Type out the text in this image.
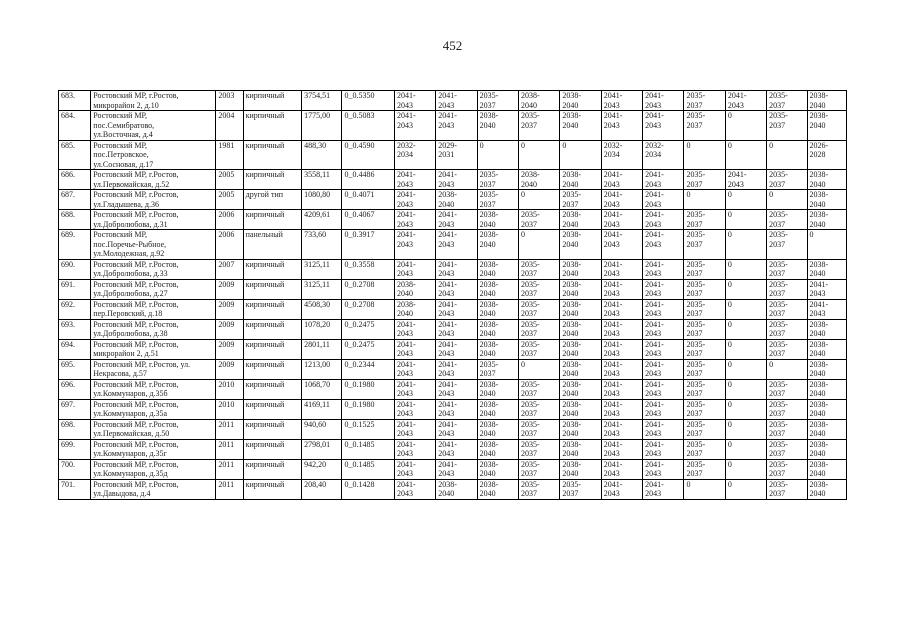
452
683.	Ростовский МР, г.Ростов,
микрорайон 2, д.10	2003	кирпичный	3754,51	0_0.5350	2041-
2043	2041-
2043	2035-
2037	2038-
2040	2038-
2040	2041-
2043	2041-
2043	2035-
2037	2041-
2043	2035-
2037	2038-
2040
684.	Ростовский МР,
пос.Семибратово,
ул.Восточная, д.4	2004	кирпичный	1775,00	0_0.5083	2041-
2043	2041-
2043	2038-
2040	2035-
2037	2038-
2040	2041-
2043	2041-
2043	2035-
2037	0	2035-
2037	2038-
2040
685.	Ростовский МР,
пос.Петровское,
ул.Сосновая, д.17	1981	кирпичный	488,30	0_0.4590	2032-
2034	2029-
2031	0	0	0	2032-
2034	2032-
2034	0	0	0	2026-
2028
686.	Ростовский МР, г.Ростов,
ул.Первомайская, д.52	2005	кирпичный	3558,11	0_0.4486	2041-
2043	2041-
2043	2035-
2037	2038-
2040	2038-
2040	2041-
2043	2041-
2043	2035-
2037	2041-
2043	2035-
2037	2038-
2040
687.	Ростовский МР, г.Ростов,
ул.Гладышева, д.36	2005	другой тип	1080,80	0_0.4071	2041-
2043	2038-
2040	2035-
2037	0	2035-
2037	2041-
2043	2041-
2043	0	0	0	2038-
2040
688.	Ростовский МР, г.Ростов,
ул.Добролюбова, д.31	2006	кирпичный	4209,61	0_0.4067	2041-
2043	2041-
2043	2038-
2040	2035-
2037	2038-
2040	2041-
2043	2041-
2043	2035-
2037	0	2035-
2037	2038-
2040
689.	Ростовский МР,
пос.Поречье-Рыбное,
ул.Молодежная, д.92	2006	панельный	733,60	0_0.3917	2041-
2043	2041-
2043	2038-
2040	0	2038-
2040	2041-
2043	2041-
2043	2035-
2037	0	2035-
2037	0
690.	Ростовский МР, г.Ростов,
ул.Добролюбова, д.33	2007	кирпичный	3125,11	0_0.3558	2041-
2043	2041-
2043	2038-
2040	2035-
2037	2038-
2040	2041-
2043	2041-
2043	2035-
2037	0	2035-
2037	2038-
2040
691.	Ростовский МР, г.Ростов,
ул.Добролюбова, д.27	2009	кирпичный	3125,11	0_0.2708	2038-
2040	2041-
2043	2038-
2040	2035-
2037	2038-
2040	2041-
2043	2041-
2043	2035-
2037	0	2035-
2037	2041-
2043
692.	Ростовский МР, г.Ростов,
пер.Перовский, д.18	2009	кирпичный	4508,30	0_0.2708	2038-
2040	2041-
2043	2038-
2040	2035-
2037	2038-
2040	2041-
2043	2041-
2043	2035-
2037	0	2035-
2037	2041-
2043
693.	Ростовский МР, г.Ростов,
ул.Добролюбова, д.38	2009	кирпичный	1078,20	0_0.2475	2041-
2043	2041-
2043	2038-
2040	2035-
2037	2038-
2040	2041-
2043	2041-
2043	2035-
2037	0	2035-
2037	2038-
2040
694.	Ростовский МР, г.Ростов,
микрорайон 2, д.51	2009	кирпичный	2801,11	0_0.2475	2041-
2043	2041-
2043	2038-
2040	2035-
2037	2038-
2040	2041-
2043	2041-
2043	2035-
2037	0	2035-
2037	2038-
2040
695.	Ростовский МР, г.Ростов, ул.
Некрасова, д.57	2009	кирпичный	1213,00	0_0.2344	2041-
2043	2041-
2043	2035-
2037	0	2038-
2040	2041-
2043	2041-
2043	2035-
2037	0	0	2038-
2040
696.	Ростовский МР, г.Ростов,
ул.Коммунаров, д.35б	2010	кирпичный	1068,70	0_0.1980	2041-
2043	2041-
2043	2038-
2040	2035-
2037	2038-
2040	2041-
2043	2041-
2043	2035-
2037	0	2035-
2037	2038-
2040
697.	Ростовский МР, г.Ростов,
ул.Коммунаров, д.35а	2010	кирпичный	4169,11	0_0.1980	2041-
2043	2041-
2043	2038-
2040	2035-
2037	2038-
2040	2041-
2043	2041-
2043	2035-
2037	0	2035-
2037	2038-
2040
698.	Ростовский МР, г.Ростов,
ул.Первомайская, д.50	2011	кирпичный	940,60	0_0.1525	2041-
2043	2041-
2043	2038-
2040	2035-
2037	2038-
2040	2041-
2043	2041-
2043	2035-
2037	0	2035-
2037	2038-
2040
699.	Ростовский МР, г.Ростов,
ул.Коммунаров, д.35г	2011	кирпичный	2798,01	0_0.1485	2041-
2043	2041-
2043	2038-
2040	2035-
2037	2038-
2040	2041-
2043	2041-
2043	2035-
2037	0	2035-
2037	2038-
2040
700.	Ростовский МР, г.Ростов,
ул.Коммунаров, д.35д	2011	кирпичный	942,20	0_0.1485	2041-
2043	2041-
2043	2038-
2040	2035-
2037	2038-
2040	2041-
2043	2041-
2043	2035-
2037	0	2035-
2037	2038-
2040
701.	Ростовский МР, г.Ростов,
ул.Давыдова, д.4	2011	кирпичный	208,40	0_0.1428	2041-
2043	2038-
2040	2038-
2040	2035-
2037	2035-
2037	2041-
2043	2041-
2043	0	0	2035-
2037	2038-
2040
